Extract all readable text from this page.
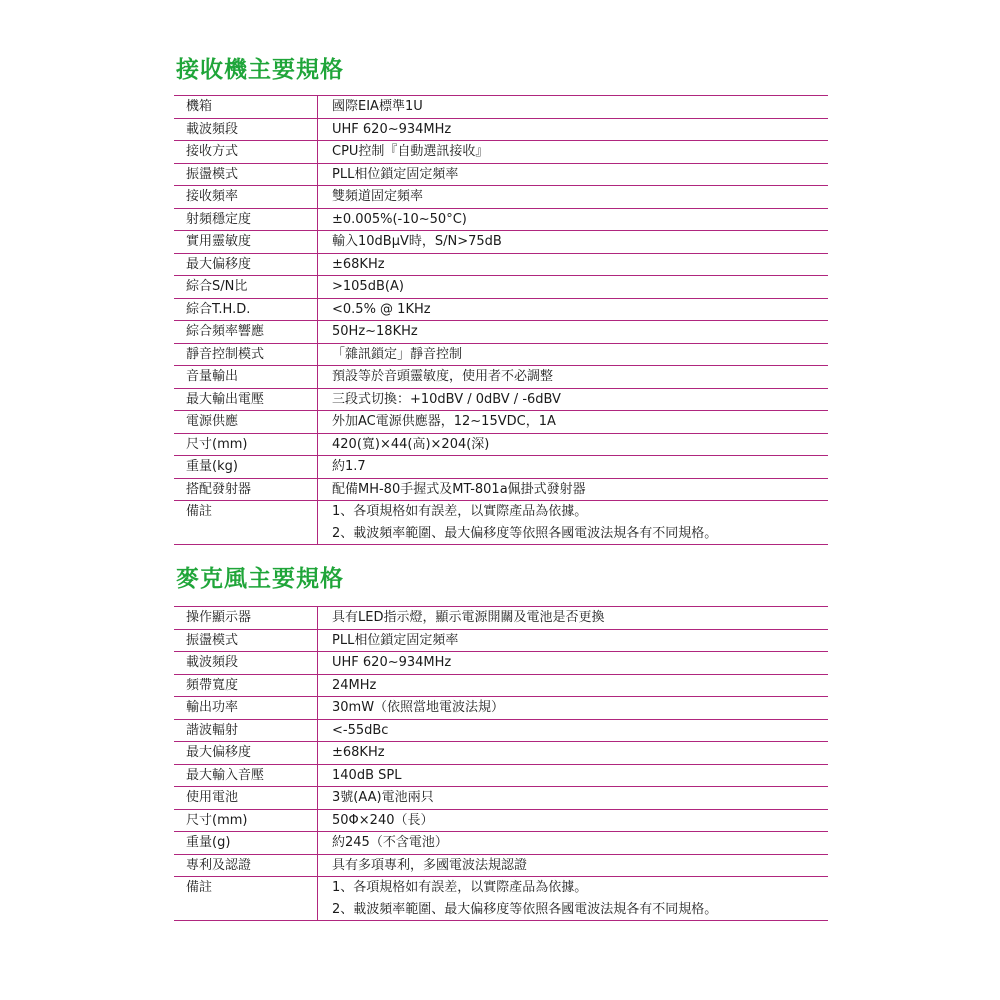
接收機主要規格
機箱	國際EIA標準1U

載波頻段	UHF 620~934MHz

接收方式	CPU控制『自動選訊接收』

振盪模式	PLL相位鎖定固定頻率

接收頻率	雙頻道固定頻率

射頻穩定度	±0.005%(-10~50°C)

實用靈敏度	輸入10dBμV時，S/N>75dB

最大偏移度	±68KHz

綜合S/N比	>105dB(A)

綜合T.H.D.	<0.5% @ 1KHz

綜合頻率響應	50Hz~18KHz

靜音控制模式	「雜訊鎖定」靜音控制

音量輸出	預設等於音頭靈敏度，使用者不必調整

最大輸出電壓	三段式切換：+10dBV / 0dBV / -6dBV

電源供應	外加AC電源供應器，12~15VDC，1A

尺寸(mm)	420(寬)×44(高)×204(深)

重量(kg)	約1.7

搭配發射器	配備MH-80手握式及MT-801a佩掛式發射器

備註	1、各項規格如有誤差，以實際產品為依據。
2、載波頻率範圍、最大偏移度等依照各國電波法規各有不同規格。
麥克風主要規格
操作顯示器	具有LED指示燈，顯示電源開關及電池是否更換

振盪模式	PLL相位鎖定固定頻率

載波頻段	UHF 620~934MHz

頻帶寬度	24MHz

輸出功率	30mW（依照當地電波法規）

諧波輻射	<-55dBc

最大偏移度	±68KHz

最大輸入音壓	140dB SPL

使用電池	3號(AA)電池兩只

尺寸(mm)	50Φ×240（長）

重量(g)	約245（不含電池）

專利及認證	具有多項專利，多國電波法規認證

備註	1、各項規格如有誤差，以實際產品為依據。
2、載波頻率範圍、最大偏移度等依照各國電波法規各有不同規格。
